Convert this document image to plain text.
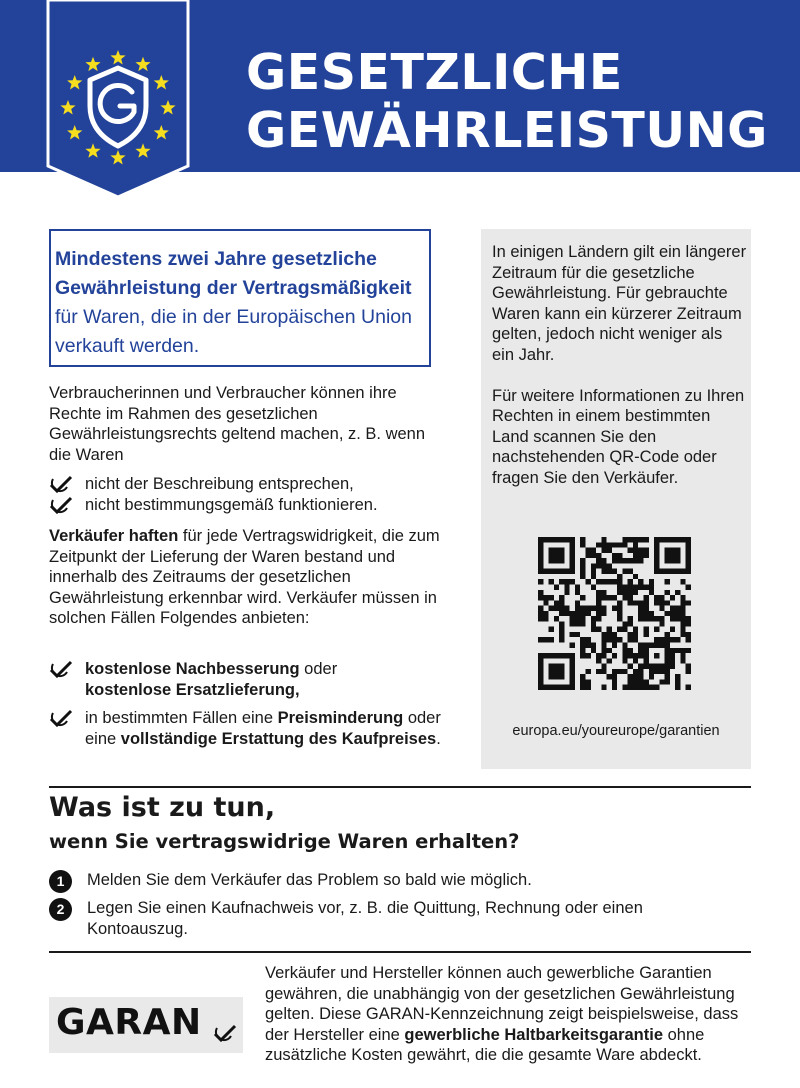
GESETZLICHE
GEWÄHRLEISTUNG
Mindestens zwei Jahre gesetzliche Gewährleistung der Vertragsmäßigkeit für Waren, die in der Europäischen Union verkauft werden.
Verbraucherinnen und Verbraucher können ihre Rechte im Rahmen des gesetzlichen Gewährleistungsrechts geltend machen, z. B. wenn die Waren
nicht der Beschreibung entsprechen,
nicht bestimmungsgemäß funktionieren.
Verkäufer haften für jede Vertragswidrigkeit, die zum Zeitpunkt der Lieferung der Waren bestand und innerhalb des Zeitraums der gesetzlichen Gewährleistung erkennbar wird. Verkäufer müssen in solchen Fällen Folgendes anbieten:
kostenlose Nachbesserung oder
kostenlose Ersatzlieferung,
in bestimmten Fällen eine Preisminderung oder eine vollständige Erstattung des Kaufpreises.

In einigen Ländern gilt ein längerer Zeitraum für die gesetzliche Gewährleistung. Für gebrauchte Waren kann ein kürzerer Zeitraum gelten, jedoch nicht weniger als ein Jahr.

Für weitere Informationen zu Ihren Rechten in einem bestimmten Land scannen Sie den nachstehenden QR-Code oder fragen Sie den Verkäufer.

europa.eu/youreurope/garantien
Was ist zu tun,
wenn Sie vertragswidrige Waren erhalten?
1	Melden Sie dem Verkäufer das Problem so bald wie möglich.
2	Legen Sie einen Kaufnachweis vor, z. B. die Quittung, Rechnung oder einen Kontoauszug.
GARAN
Verkäufer und Hersteller können auch gewerbliche Garantien gewähren, die unabhängig von der gesetzlichen Gewährleistung gelten. Diese GARAN-Kennzeichnung zeigt beispielsweise, dass der Hersteller eine gewerbliche Haltbarkeitsgarantie ohne zusätzliche Kosten gewährt, die die gesamte Ware abdeckt.
